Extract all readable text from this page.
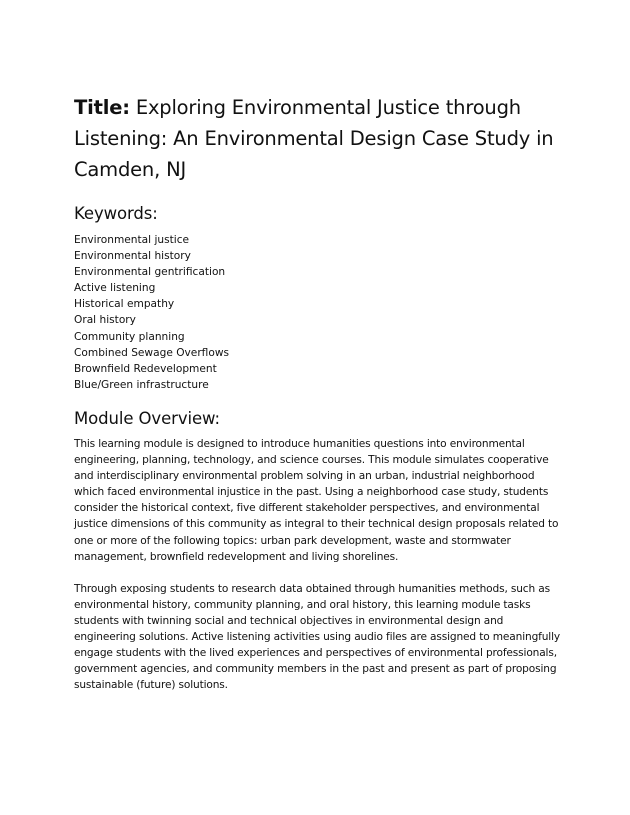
Title: Exploring Environmental Justice through Listening: An Environmental Design Case Study in Camden, NJ
Keywords:
Environmental justice
Environmental history
Environmental gentrification
Active listening
Historical empathy
Oral history
Community planning
Combined Sewage Overflows
Brownfield Redevelopment
Blue/Green infrastructure
Module Overview:

This learning module is designed to introduce humanities questions into environmental engineering, planning, technology, and science courses. This module simulates cooperative and interdisciplinary environmental problem solving in an urban, industrial neighborhood which faced environmental injustice in the past. Using a neighborhood case study, students consider the historical context, five different stakeholder perspectives, and environmental justice dimensions of this community as integral to their technical design proposals related to one or more of the following topics: urban park development, waste and stormwater management, brownfield redevelopment and living shorelines.

Through exposing students to research data obtained through humanities methods, such as environmental history, community planning, and oral history, this learning module tasks students with twinning social and technical objectives in environmental design and engineering solutions. Active listening activities using audio files are assigned to meaningfully engage students with the lived experiences and perspectives of environmental professionals, government agencies, and community members in the past and present as part of proposing sustainable (future) solutions.
